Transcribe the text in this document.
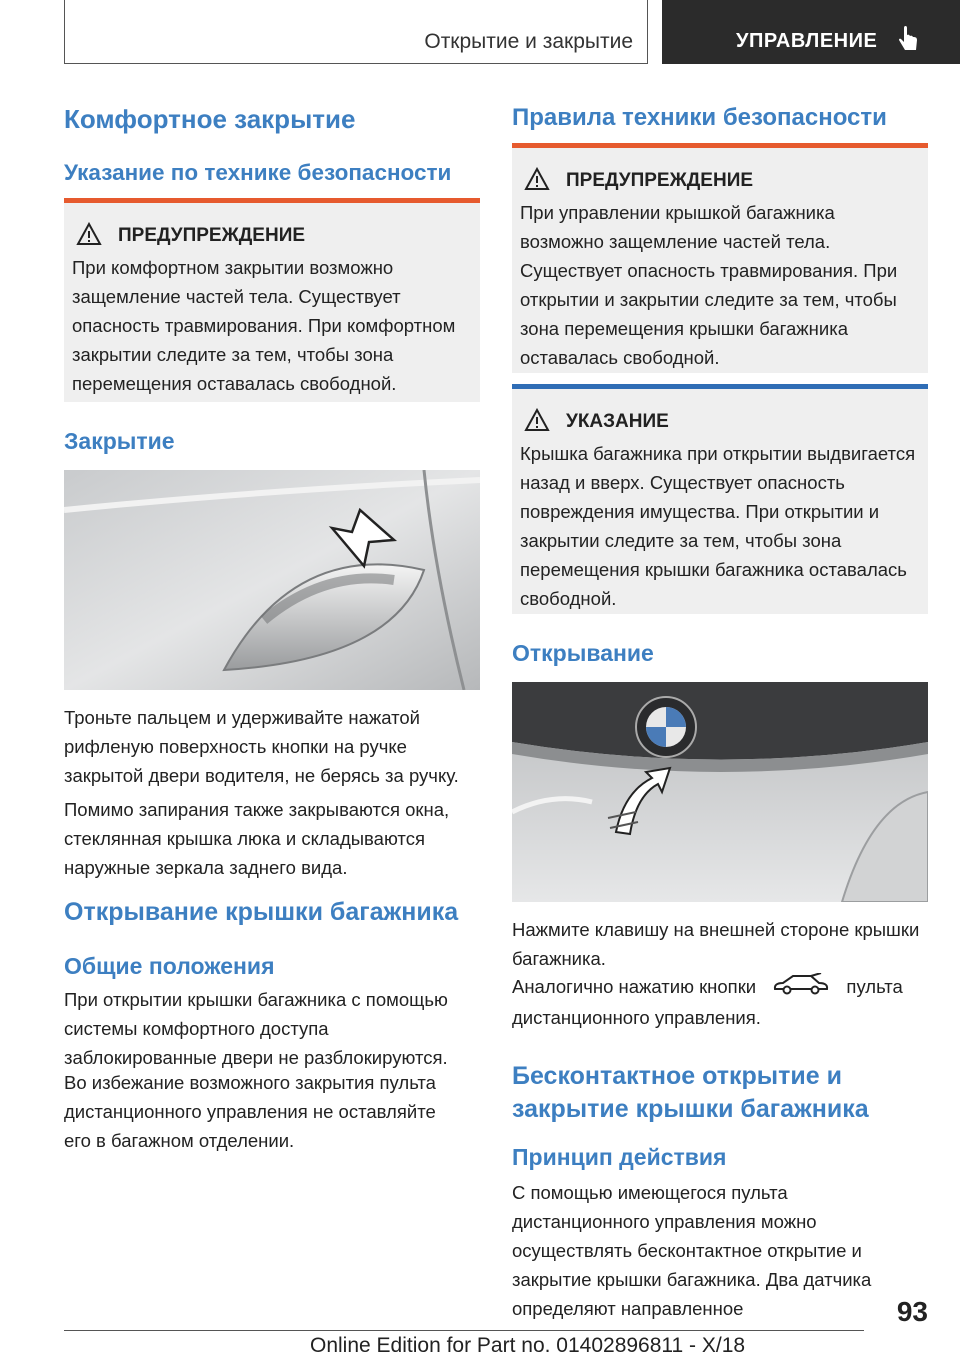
Открытие и закрытие	УПРАВЛЕНИЕ
Комфортное закрытие
Указание по технике безопасности

ПРЕДУПРЕЖДЕНИЕ

При комфортном закрытии возможно защемление частей тела. Существует опасность травмирования. При комфортном закрытии следите за тем, чтобы зона перемещения оставалась свободной.

Закрытие

Троньте пальцем и удерживайте нажатой рифленую поверхность кнопки на ручке закрытой двери водителя, не берясь за ручку.

Помимо запирания также закрываются окна, стеклянная крышка люка и складываются наружные зеркала заднего вида.

Открывание крышки багажника
Общие положения

При открытии крышки багажника с помощью системы комфортного доступа заблокированные двери не разблокируются.

Во избежание возможного закрытия пульта дистанционного управления не оставляйте его в багажном отделении.

Правила техники безопасности

ПРЕДУПРЕЖДЕНИЕ

При управлении крышкой багажника возможно защемление частей тела. Существует опасность травмирования. При открытии и закрытии следите за тем, чтобы зона перемещения крышки багажника оставалась свободной.

УКАЗАНИЕ

Крышка багажника при открытии выдвигается назад и вверх. Существует опасность повреждения имущества. При открытии и закрытии следите за тем, чтобы зона перемещения крышки багажника оставалась свободной.

Открывание

Нажмите клавишу на внешней стороне крышки багажника.

Аналогично нажатию кнопки	пульта дистанционного управления.

Бесконтактное открытие и закрытие крышки багажника
Принцип действия

С помощью имеющегося пульта дистанционного управления можно осуществлять бесконтактное открытие и закрытие крышки багажника. Два датчика определяют направленное	93
Online Edition for Part no. 01402896811 - X/18
